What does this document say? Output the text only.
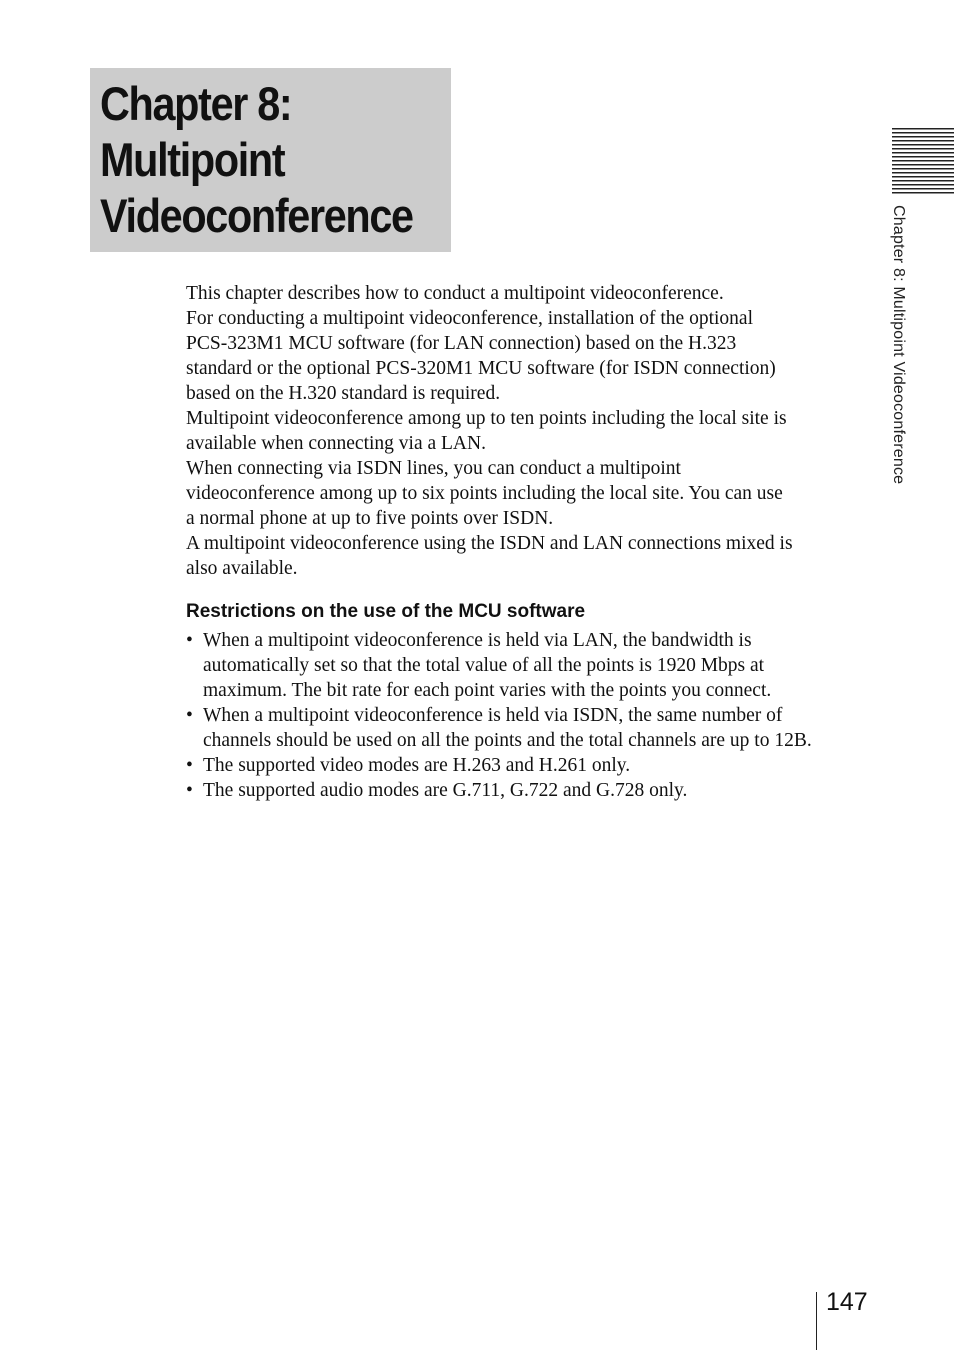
Chapter 8:
Multipoint
Videoconference	Chapter 8: Multipoint Videoconference

This chapter describes how to conduct a multipoint videoconference.

For conducting a multipoint videoconference, installation of the optional

PCS-323M1 MCU software (for LAN connection) based on the H.323

standard or the optional PCS-320M1 MCU software (for ISDN connection)

based on the H.320 standard is required.

Multipoint videoconference among up to ten points including the local site is

available when connecting via a LAN.

When connecting via ISDN lines, you can conduct a multipoint

videoconference among up to six points including the local site. You can use

a normal phone at up to five points over ISDN.

A multipoint videoconference using the ISDN and LAN connections mixed is

also available.

Restrictions on the use of the MCU software
• When a multipoint videoconference is held via LAN, the bandwidth is
automatically set so that the total value of all the points is 1920 Mbps at
maximum. The bit rate for each point varies with the points you connect.
• When a multipoint videoconference is held via ISDN, the same number of
channels should be used on all the points and the total channels are up to 12B.
• The supported video modes are H.263 and H.261 only.
• The supported audio modes are G.711, G.722 and G.728 only.
147
